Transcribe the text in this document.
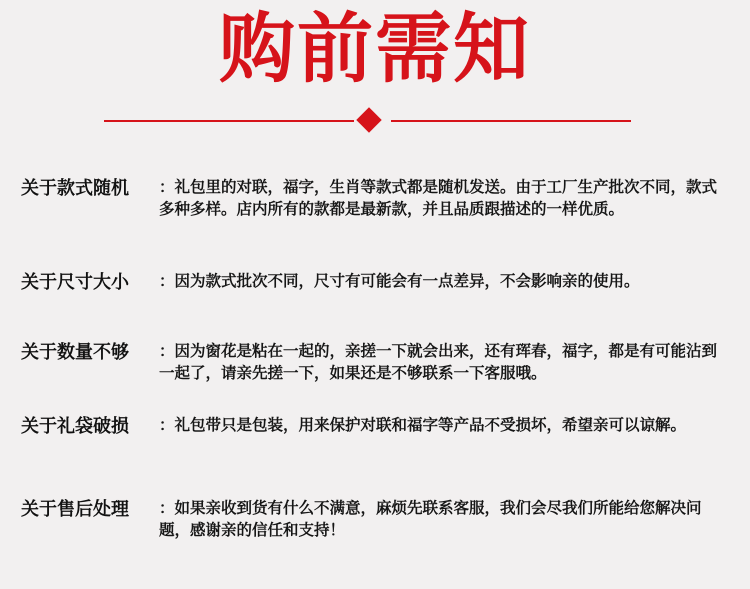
购前需知
关于款式随机	：礼包里的对联，福字，生肖等款式都是随机发送。由于工厂生产批次不同，款式多种多样。店内所有的款都是最新款，并且品质跟描述的一样优质。
关于尺寸大小	：因为款式批次不同，尺寸有可能会有一点差异，不会影响亲的使用。
关于数量不够	：因为窗花是粘在一起的，亲搓一下就会出来，还有珲春，福字，都是有可能沾到一起了，请亲先搓一下，如果还是不够联系一下客服哦。
关于礼袋破损	：礼包带只是包装，用来保护对联和福字等产品不受损坏，希望亲可以谅解。
关于售后处理	：如果亲收到货有什么不满意，麻烦先联系客服，我们会尽我们所能给您解决问题，感谢亲的信任和支持！
